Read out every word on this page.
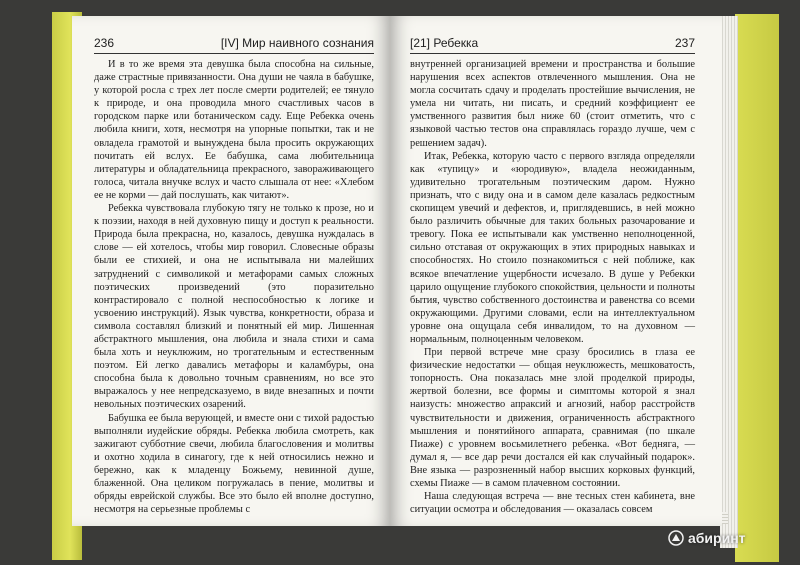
236	[IV] Мир наивного сознания

И в то же время эта девушка была способна на сильные, даже страстные привязанности. Она души не чаяла в бабушке, у которой росла с трех лет после смерти родителей; ее тянуло к природе, и она проводила много счастливых часов в городском парке или ботаническом саду. Еще Ребекка очень любила книги, хотя, несмотря на упорные попытки, так и не овладела грамотой и вынуждена была просить окружающих почитать ей вслух. Ее бабушка, сама любительница литературы и обладательница прекрасного, завораживающего голоса, читала внучке вслух и часто слышала от нее: «Хлебом ее не корми — дай послушать, как читают».

Ребекка чувствовала глубокую тягу не только к прозе, но и к поэзии, находя в ней духовную пищу и доступ к реальности. Природа была прекрасна, но, казалось, девушка нуждалась в слове — ей хотелось, чтобы мир говорил. Словесные образы были ее стихией, и она не испытывала ни малейших затруднений с символикой и метафорами самых сложных поэтических произведений (это поразительно контрастировало с полной неспособностью к логике и усвоению инструкций). Язык чувства, конкретности, образа и символа составлял близкий и понятный ей мир. Лишенная абстрактного мышления, она любила и знала стихи и сама была хоть и неуклюжим, но трогательным и естественным поэтом. Ей легко давались метафоры и каламбуры, она способна была к довольно точным сравнениям, но все это выражалось у нее непредсказуемо, в виде внезапных и почти невольных поэтических озарений.

Бабушка ее была верующей, и вместе они с тихой радостью выполняли иудейские обряды. Ребекка любила смотреть, как зажигают субботние свечи, любила благословения и молитвы и охотно ходила в синагогу, где к ней относились нежно и бережно, как к младенцу Божьему, невинной душе, блаженной. Она целиком погружалась в пение, молитвы и обряды еврейской службы. Все это было ей вполне доступно, несмотря на серьезные проблемы с

[21] Ребекка	237

внутренней организацией времени и пространства и большие нарушения всех аспектов отвлеченного мышления. Она не могла сосчитать сдачу и проделать простейшие вычисления, не умела ни читать, ни писать, и средний коэффициент ее умственного развития был ниже 60 (стоит отметить, что с языковой частью тестов она справлялась гораздо лучше, чем с решением задач).

Итак, Ребекка, которую часто с первого взгляда определяли как «тупицу» и «юродивую», владела неожиданным, удивительно трогательным поэтическим даром. Нужно признать, что с виду она и в самом деле казалась редкостным скопищем увечий и дефектов, и, приглядевшись, в ней можно было различить обычные для таких больных разочарование и тревогу. Пока ее испытывали как умственно неполноценной, сильно отставая от окружающих в этих природных навыках и способностях. Но стоило познакомиться с ней поближе, как всякое впечатление ущербности исчезало. В душе у Ребекки царило ощущение глубокого спокойствия, цельности и полноты бытия, чувство собственного достоинства и равенства со всеми окружающими. Другими словами, если на интеллектуальном уровне она ощущала себя инвалидом, то на духовном — нормальным, полноценным человеком.

При первой встрече мне сразу бросились в глаза ее физические недостатки — общая неуклюжесть, мешковатость, топорность. Она показалась мне злой проделкой природы, жертвой болезни, все формы и симптомы которой я знал наизусть: множество апраксий и агнозий, набор расстройств чувствительности и движения, ограниченность абстрактного мышления и понятийного аппарата, сравнимая (по шкале Пиаже) с уровнем восьмилетнего ребенка. «Вот бедняга, — думал я, — все дар речи достался ей как случайный подарок». Вне языка — разрозненный набор высших корковых функций, схемы Пиаже — в самом плачевном состоянии.

Наша следующая встреча — вне тесных стен кабинета, вне ситуации осмотра и обследования — оказалась совсем

абиринт
